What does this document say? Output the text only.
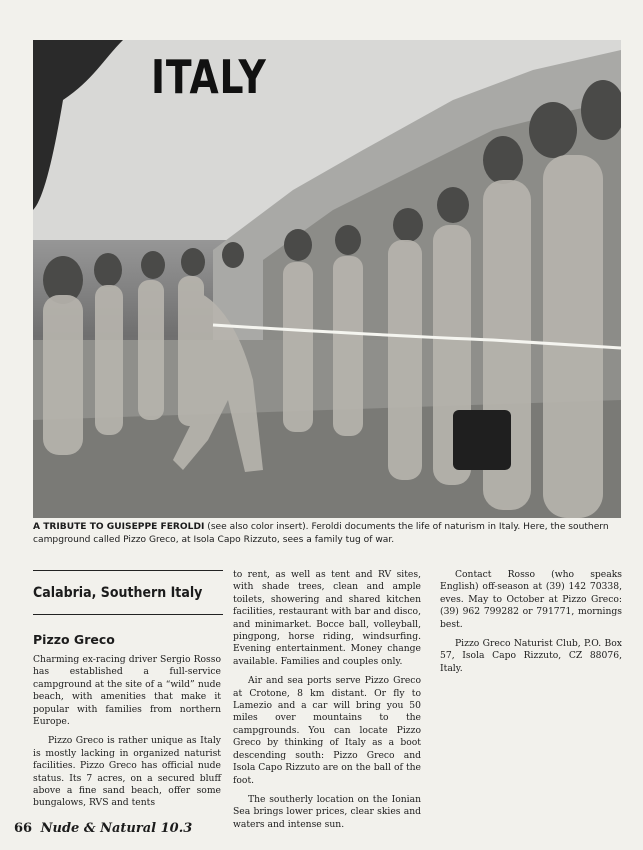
ITALY
A TRIBUTE TO GUISEPPE FEROLDI (see also color insert). Feroldi documents the life of naturism in Italy. Here, the southern campground called Pizzo Greco, at Isola Capo Rizzuto, sees a family tug of war.
Calabria, Southern Italy
Pizzo Greco

Charming ex-racing driver Sergio Rosso has established a full-service campground at the site of a “wild” nude beach, with amenities that make it popular with families from northern Europe.

Pizzo Greco is rather unique as Italy is mostly lacking in organized naturist facilities. Pizzo Greco has official nude status. Its 7 acres, on a secured bluff above a fine sand beach, offer some bungalows, RVS and tents

to rent, as well as tent and RV sites, with shade trees, clean and ample toilets, showering and shared kitchen facilities, restaurant with bar and disco, and minimarket. Bocce ball, volleyball, pingpong, horse riding, windsurfing. Evening entertainment. Money change available. Families and couples only.

Air and sea ports serve Pizzo Greco at Crotone, 8 km distant. Or fly to Lamezio and a car will bring you 50 miles over mountains to the campgrounds. You can locate Pizzo Greco by thinking of Italy as a boot descending south: Pizzo Greco and Isola Capo Rizzuto are on the ball of the foot.

The southerly location on the Ionian Sea brings lower prices, clear skies and waters and intense sun.

Contact Rosso (who speaks English) off-season at (39) 142 70338, eves. May to October at Pizzo Greco: (39) 962 799282 or 791771, mornings best.

Pizzo Greco Naturist Club, P.O. Box 57, Isola Capo Rizzuto, CZ 88076, Italy.

66 Nude & Natural 10.3
